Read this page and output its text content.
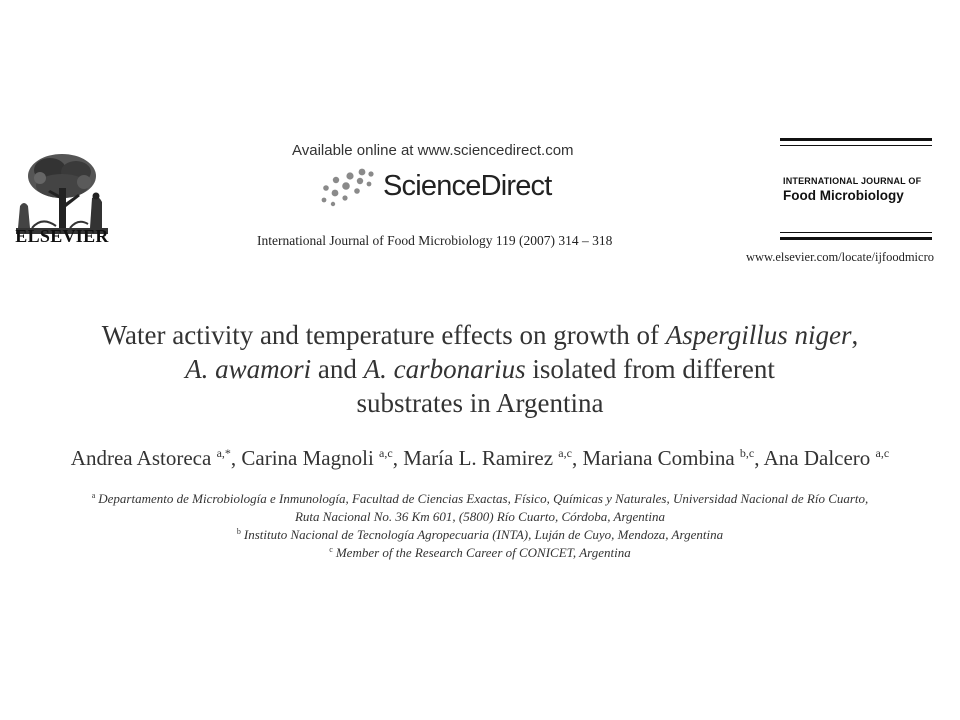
ELSEVIER
Available online at www.sciencedirect.com
ScienceDirect
International Journal of Food Microbiology 119 (2007) 314 – 318
INTERNATIONAL JOURNAL OF
Food Microbiology
www.elsevier.com/locate/ijfoodmicro
Water activity and temperature effects on growth of Aspergillus niger,
A. awamori and A. carbonarius isolated from different
substrates in Argentina
Andrea Astoreca $^{a,*}$, Carina Magnoli $^{a,c}$, María L. Ramirez $^{a,c}$, Mariana Combina $^{b,c}$, Ana Dalcero $^{a,c}$
$^a$ Departamento de Microbiología e Inmunología, Facultad de Ciencias Exactas, Físico, Químicas y Naturales, Universidad Nacional de Río Cuarto,
Ruta Nacional No. 36 Km 601, (5800) Río Cuarto, Córdoba, Argentina
$^b$ Instituto Nacional de Tecnología Agropecuaria (INTA), Luján de Cuyo, Mendoza, Argentina
$^c$ Member of the Research Career of CONICET, Argentina
